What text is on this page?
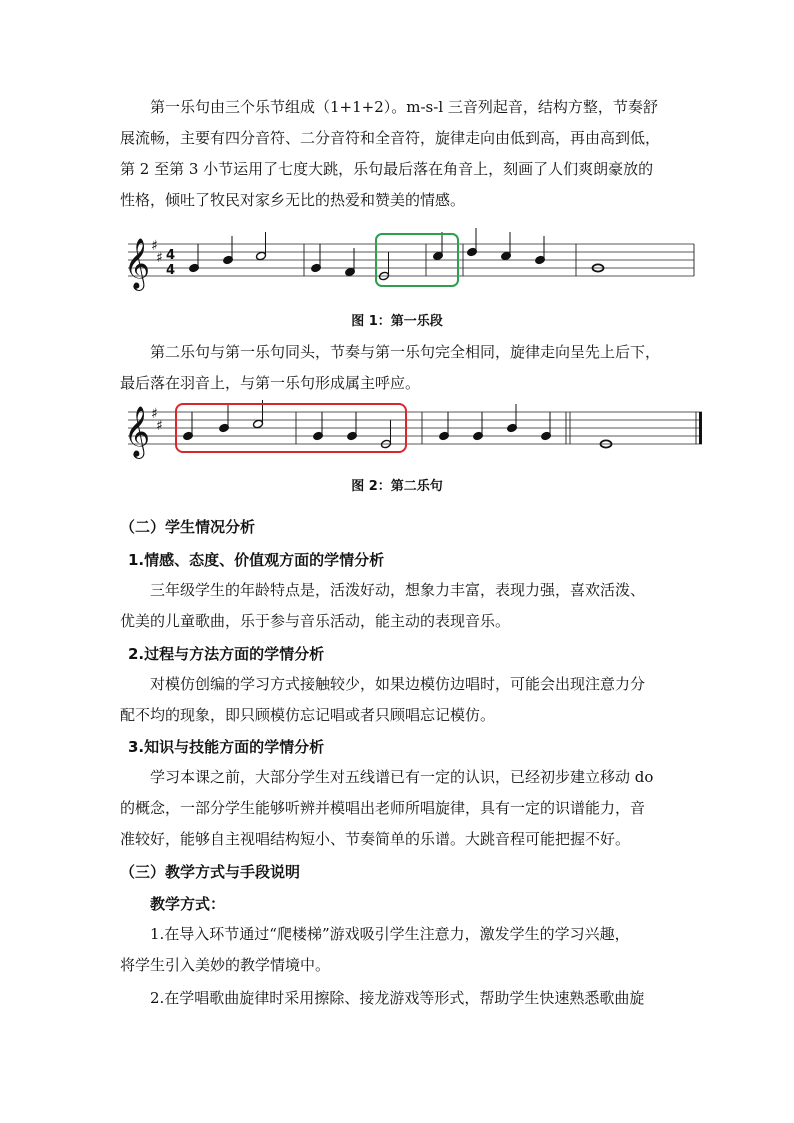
第一乐句由三个乐节组成（1+1+2）。m-s-l 三音列起音，结构方整，节奏舒
展流畅，主要有四分音符、二分音符和全音符，旋律走向由低到高，再由高到低，
第 2 至第 3 小节运用了七度大跳，乐句最后落在角音上，刻画了人们爽朗豪放的
性格，倾吐了牧民对家乡无比的热爱和赞美的情感。

𝄞 ♯
♯ 4
4

图 1：第一乐段

第二乐句与第一乐句同头，节奏与第一乐句完全相同，旋律走向呈先上后下，
最后落在羽音上，与第一乐句形成属主呼应。

𝄞 ♯
♯

图 2：第二乐句

（二）学生情况分析

1.情感、态度、价值观方面的学情分析

三年级学生的年龄特点是，活泼好动，想象力丰富，表现力强，喜欢活泼、
优美的儿童歌曲，乐于参与音乐活动，能主动的表现音乐。

2.过程与方法方面的学情分析

对模仿创编的学习方式接触较少，如果边模仿边唱时，可能会出现注意力分
配不均的现象，即只顾模仿忘记唱或者只顾唱忘记模仿。

3.知识与技能方面的学情分析

学习本课之前，大部分学生对五线谱已有一定的认识，已经初步建立移动 do
的概念，一部分学生能够听辨并模唱出老师所唱旋律，具有一定的识谱能力，音
准较好，能够自主视唱结构短小、节奏简单的乐谱。大跳音程可能把握不好。

（三）教学方式与手段说明

教学方式：

1.在导入环节通过“爬楼梯”游戏吸引学生注意力，激发学生的学习兴趣，
将学生引入美妙的教学情境中。
2.在学唱歌曲旋律时采用擦除、接龙游戏等形式，帮助学生快速熟悉歌曲旋
